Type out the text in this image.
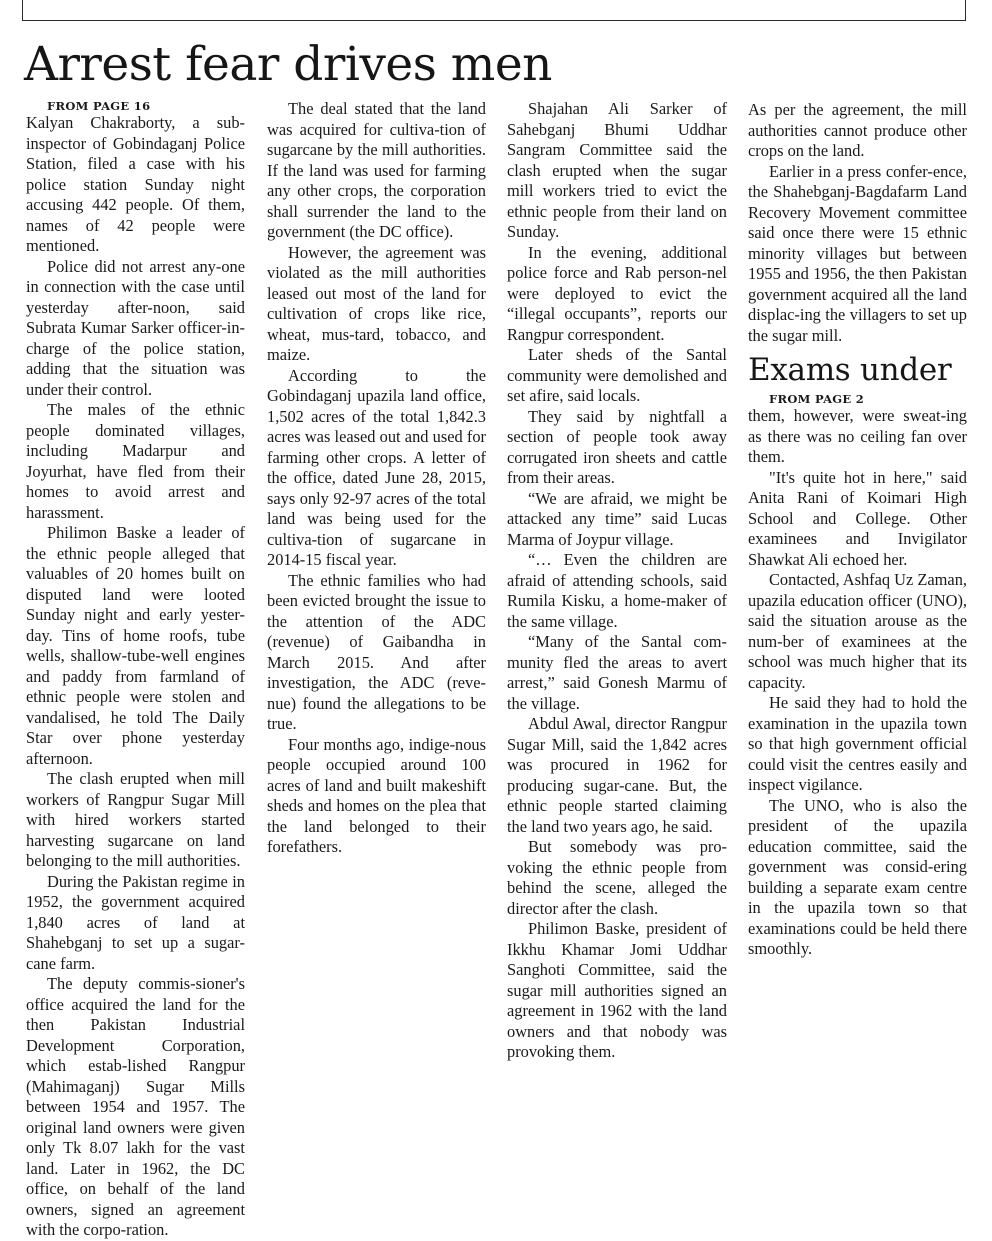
Arrest fear drives men

FROM PAGE 16

Kalyan Chakraborty, a sub-inspector of Gobindaganj Police Station, filed a case with his police station Sunday night accusing 442 people. Of them, names of 42 people were mentioned.

Police did not arrest any-one in connection with the case until yesterday after-noon, said Subrata Kumar Sarker officer-in-charge of the police station, adding that the situation was under their control.

The males of the ethnic people dominated villages, including Madarpur and Joyurhat, have fled from their homes to avoid arrest and harassment.

Philimon Baske a leader of the ethnic people alleged that valuables of 20 homes built on disputed land were looted Sunday night and early yester-day. Tins of home roofs, tube wells, shallow-tube-well engines and paddy from farmland of ethnic people were stolen and vandalised, he told The Daily Star over phone yesterday afternoon.

The clash erupted when mill workers of Rangpur Sugar Mill with hired workers started harvesting sugarcane on land belonging to the mill authorities.

During the Pakistan regime in 1952, the government acquired 1,840 acres of land at Shahebganj to set up a sugar-cane farm.

The deputy commis-sioner's office acquired the land for the then Pakistan Industrial Development Corporation, which estab-lished Rangpur (Mahimaganj) Sugar Mills between 1954 and 1957. The original land owners were given only Tk 8.07 lakh for the vast land. Later in 1962, the DC office, on behalf of the land owners, signed an agreement with the corpo-ration.

The deal stated that the land was acquired for cultiva-tion of sugarcane by the mill authorities. If the land was used for farming any other crops, the corporation shall surrender the land to the government (the DC office).

However, the agreement was violated as the mill authorities leased out most of the land for cultivation of crops like rice, wheat, mus-tard, tobacco, and maize.

According to the Gobindaganj upazila land office, 1,502 acres of the total 1,842.3 acres was leased out and used for farming other crops. A letter of the office, dated June 28, 2015, says only 92-97 acres of the total land was being used for the cultiva-tion of sugarcane in 2014-15 fiscal year.

The ethnic families who had been evicted brought the issue to the attention of the ADC (revenue) of Gaibandha in March 2015. And after investigation, the ADC (reve-nue) found the allegations to be true.

Four months ago, indige-nous people occupied around 100 acres of land and built makeshift sheds and homes on the plea that the land belonged to their forefathers.

Shajahan Ali Sarker of Sahebganj Bhumi Uddhar Sangram Committee said the clash erupted when the sugar mill workers tried to evict the ethnic people from their land on Sunday.

In the evening, additional police force and Rab person-nel were deployed to evict the “illegal occupants”, reports our Rangpur correspondent.

Later sheds of the Santal community were demolished and set afire, said locals.

They said by nightfall a section of people took away corrugated iron sheets and cattle from their areas.

“We are afraid, we might be attacked any time” said Lucas Marma of Joypur village.

“… Even the children are afraid of attending schools, said Rumila Kisku, a home-maker of the same village.

“Many of the Santal com-munity fled the areas to avert arrest,” said Gonesh Marmu of the village.

Abdul Awal, director Rangpur Sugar Mill, said the 1,842 acres was procured in 1962 for producing sugar-cane. But, the ethnic people started claiming the land two years ago, he said.

But somebody was pro-voking the ethnic people from behind the scene, alleged the director after the clash.

Philimon Baske, president of Ikkhu Khamar Jomi Uddhar Sanghoti Committee, said the sugar mill authorities signed an agreement in 1962 with the land owners and that nobody was provoking them.

As per the agreement, the mill authorities cannot produce other crops on the land.

Earlier in a press confer-ence, the Shahebganj-Bagdafarm Land Recovery Movement committee said once there were 15 ethnic minority villages but between 1955 and 1956, the then Pakistan government acquired all the land displac-ing the villagers to set up the sugar mill.

Exams under

FROM PAGE 2

them, however, were sweat-ing as there was no ceiling fan over them.

"It's quite hot in here," said Anita Rani of Koimari High School and College. Other examinees and Invigilator Shawkat Ali echoed her.

Contacted, Ashfaq Uz Zaman, upazila education officer (UNO), said the situation arouse as the num-ber of examinees at the school was much higher that its capacity.

He said they had to hold the examination in the upazila town so that high government official could visit the centres easily and inspect vigilance.

The UNO, who is also the president of the upazila education committee, said the government was consid-ering building a separate exam centre in the upazila town so that examinations could be held there smoothly.
